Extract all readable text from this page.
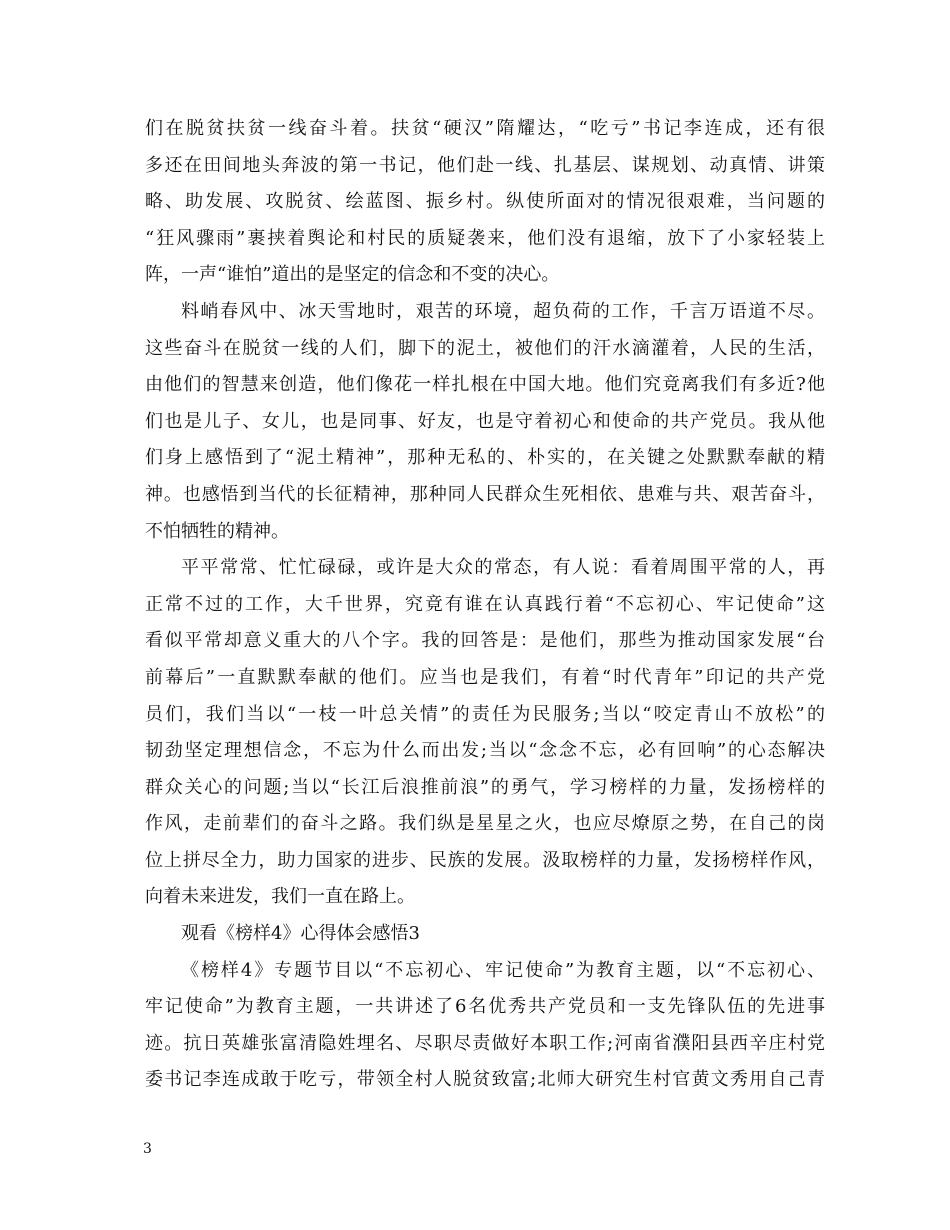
们在脱贫扶贫一线奋斗着。扶贫“硬汉”隋耀达，“吃亏”书记李连成，还有很
多还在田间地头奔波的第一书记，他们赴一线、扎基层、谋规划、动真情、讲策
略、助发展、攻脱贫、绘蓝图、振乡村。纵使所面对的情况很艰难，当问题的
“狂风骤雨”裹挟着舆论和村民的质疑袭来，他们没有退缩，放下了小家轻装上
阵，一声“谁怕”道出的是坚定的信念和不变的决心。
料峭春风中、冰天雪地时，艰苦的环境，超负荷的工作，千言万语道不尽。
这些奋斗在脱贫一线的人们，脚下的泥土，被他们的汗水滴灌着，人民的生活，
由他们的智慧来创造，他们像花一样扎根在中国大地。他们究竟离我们有多近?他
们也是儿子、女儿，也是同事、好友，也是守着初心和使命的共产党员。我从他
们身上感悟到了“泥土精神”，那种无私的、朴实的，在关键之处默默奉献的精
神。也感悟到当代的长征精神，那种同人民群众生死相依、患难与共、艰苦奋斗，
不怕牺牲的精神。
平平常常、忙忙碌碌，或许是大众的常态，有人说：看着周围平常的人，再
正常不过的工作，大千世界，究竟有谁在认真践行着“不忘初心、牢记使命”这
看似平常却意义重大的八个字。我的回答是：是他们，那些为推动国家发展“台
前幕后”一直默默奉献的他们。应当也是我们，有着“时代青年”印记的共产党
员们，我们当以“一枝一叶总关情”的责任为民服务;当以“咬定青山不放松”的
韧劲坚定理想信念，不忘为什么而出发;当以“念念不忘，必有回响”的心态解决
群众关心的问题;当以“长江后浪推前浪”的勇气，学习榜样的力量，发扬榜样的
作风，走前辈们的奋斗之路。我们纵是星星之火，也应尽燎原之势，在自己的岗
位上拼尽全力，助力国家的进步、民族的发展。汲取榜样的力量，发扬榜样作风，
向着未来进发，我们一直在路上。
观看《榜样4》心得体会感悟3
《榜样4》专题节目以“不忘初心、牢记使命”为教育主题，以“不忘初心、
牢记使命”为教育主题，一共讲述了6名优秀共产党员和一支先锋队伍的先进事
迹。抗日英雄张富清隐姓埋名、尽职尽责做好本职工作;河南省濮阳县西辛庄村党
委书记李连成敢于吃亏，带领全村人脱贫致富;北师大研究生村官黄文秀用自己青
3
